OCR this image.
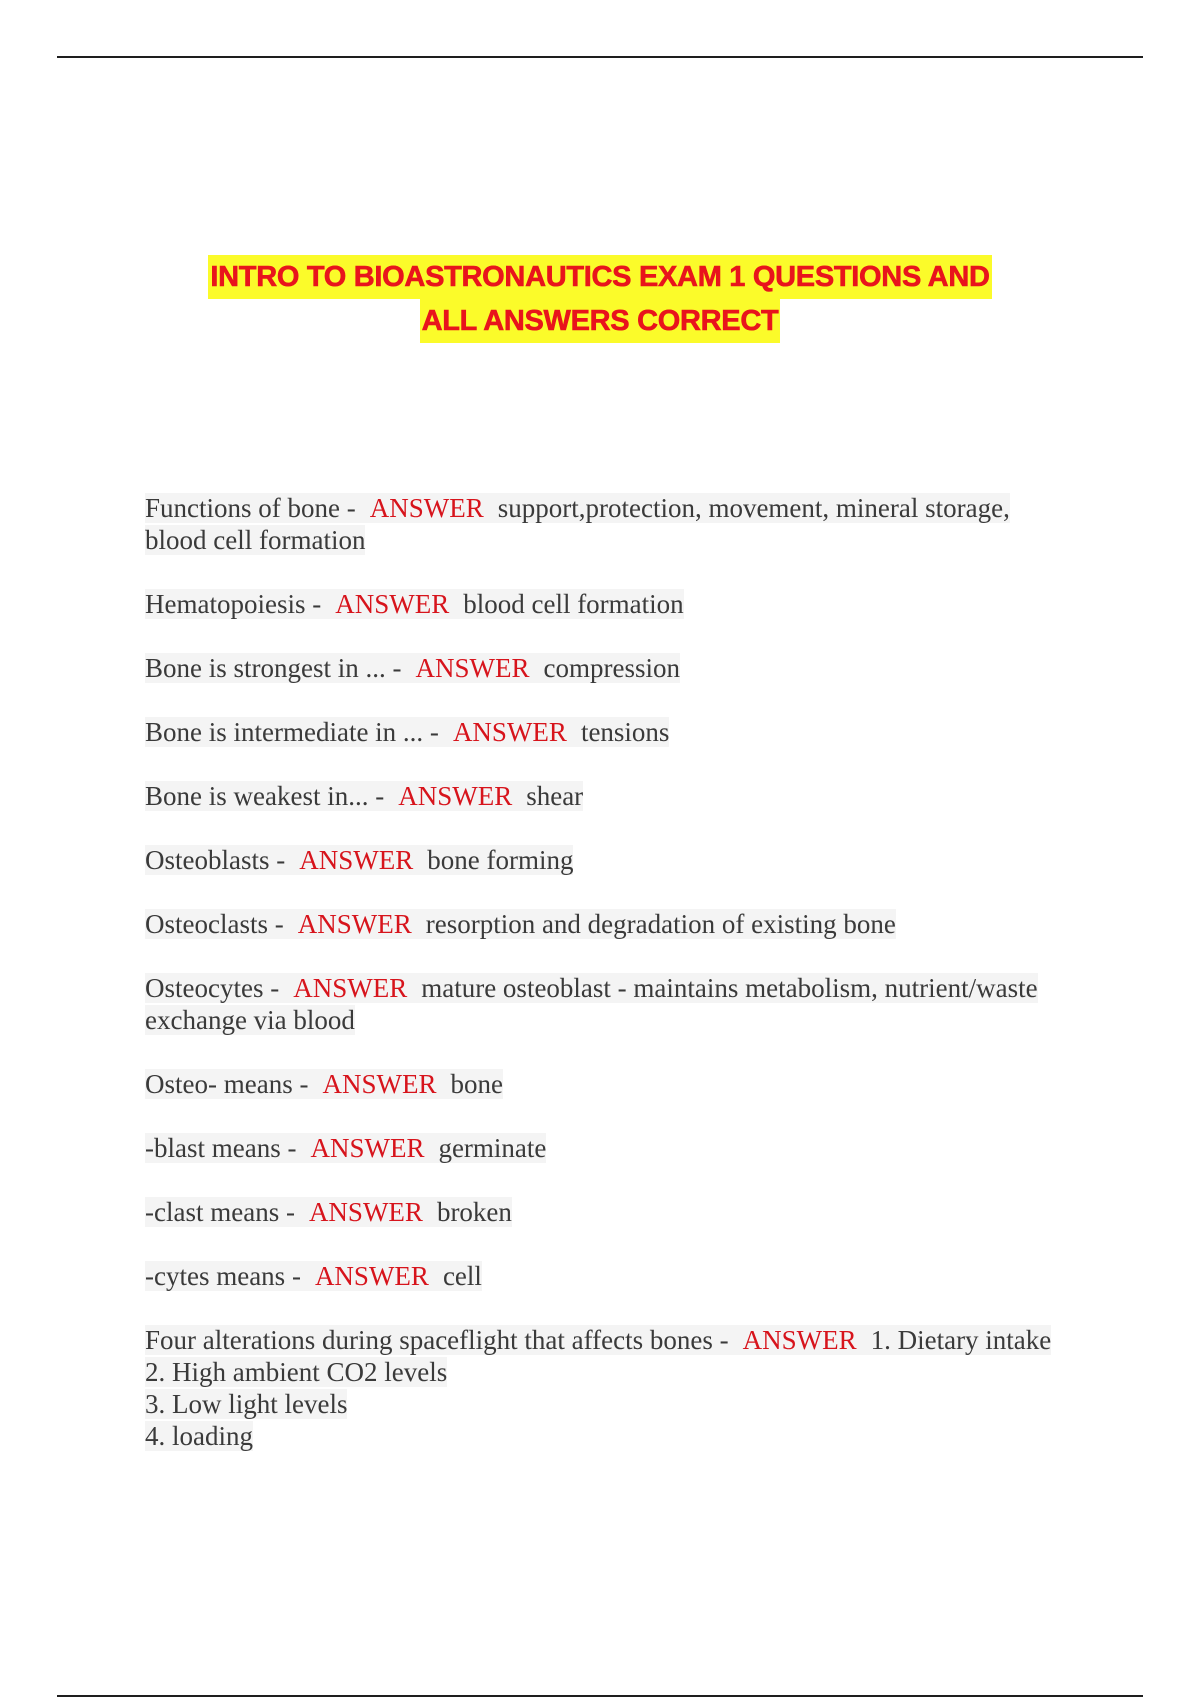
INTRO TO BIOASTRONAUTICS EXAM 1 QUESTIONS AND
ALL ANSWERS CORRECT

Functions of bone - ANSWER support,protection, movement, mineral storage, blood cell formation

Hematopoiesis - ANSWER blood cell formation

Bone is strongest in ... - ANSWER compression

Bone is intermediate in ... - ANSWER tensions

Bone is weakest in... - ANSWER shear

Osteoblasts - ANSWER bone forming

Osteoclasts - ANSWER resorption and degradation of existing bone

Osteocytes - ANSWER mature osteoblast - maintains metabolism, nutrient/waste exchange via blood

Osteo- means - ANSWER bone

-blast means - ANSWER germinate

-clast means - ANSWER broken

-cytes means - ANSWER cell

Four alterations during spaceflight that affects bones - ANSWER 1. Dietary intake
2. High ambient CO2 levels
3. Low light levels
4. loading
